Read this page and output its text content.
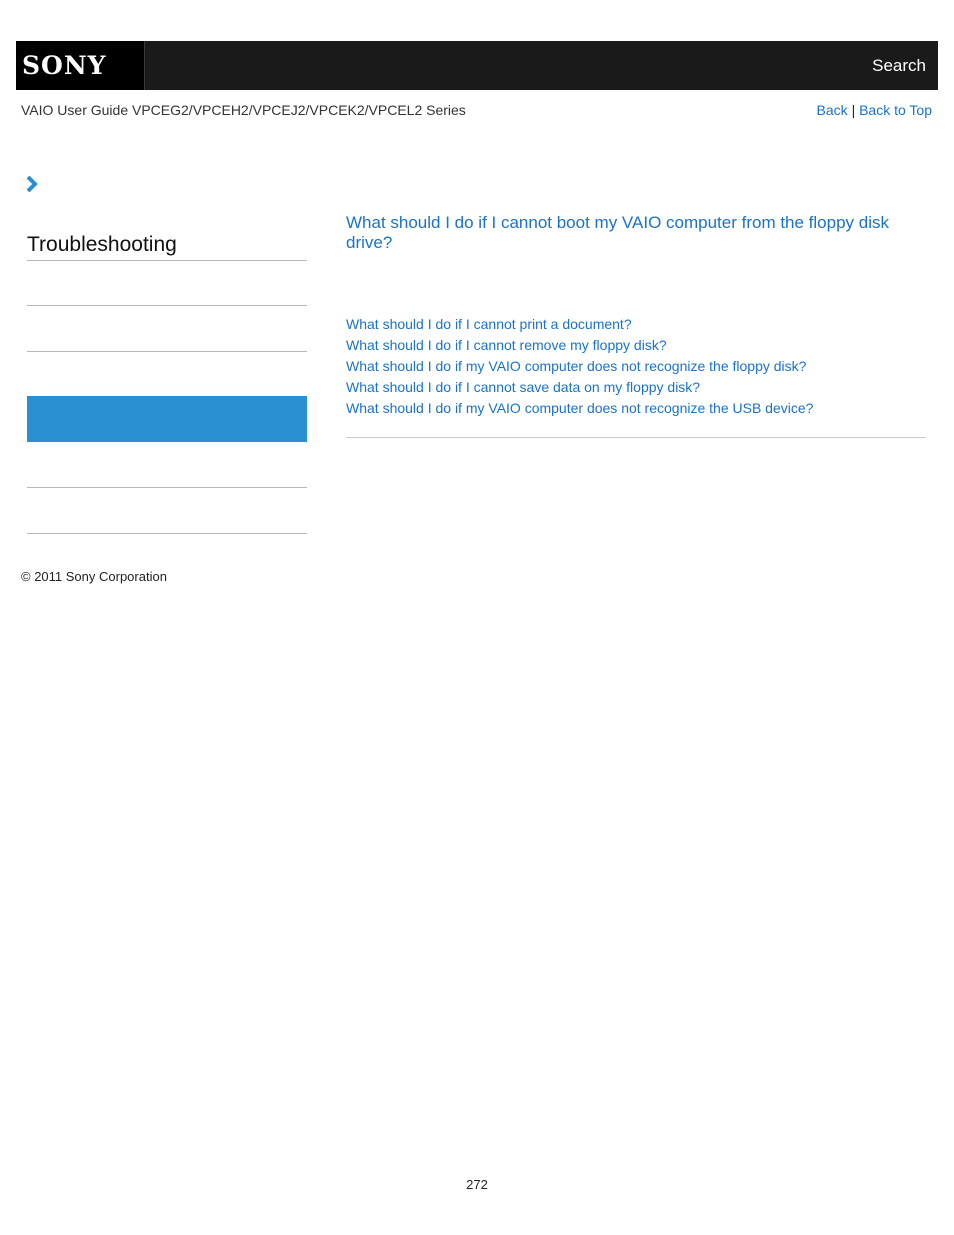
SONY	Search
VAIO User Guide VPCEG2/VPCEH2/VPCEJ2/VPCEK2/VPCEL2 Series	Back | Back to Top
Troubleshooting
What should I do if I cannot boot my VAIO computer from the floppy disk drive?
What should I do if I cannot print a document?
What should I do if I cannot remove my floppy disk?
What should I do if my VAIO computer does not recognize the floppy disk?
What should I do if I cannot save data on my floppy disk?
What should I do if my VAIO computer does not recognize the USB device?
© 2011 Sony Corporation
272
